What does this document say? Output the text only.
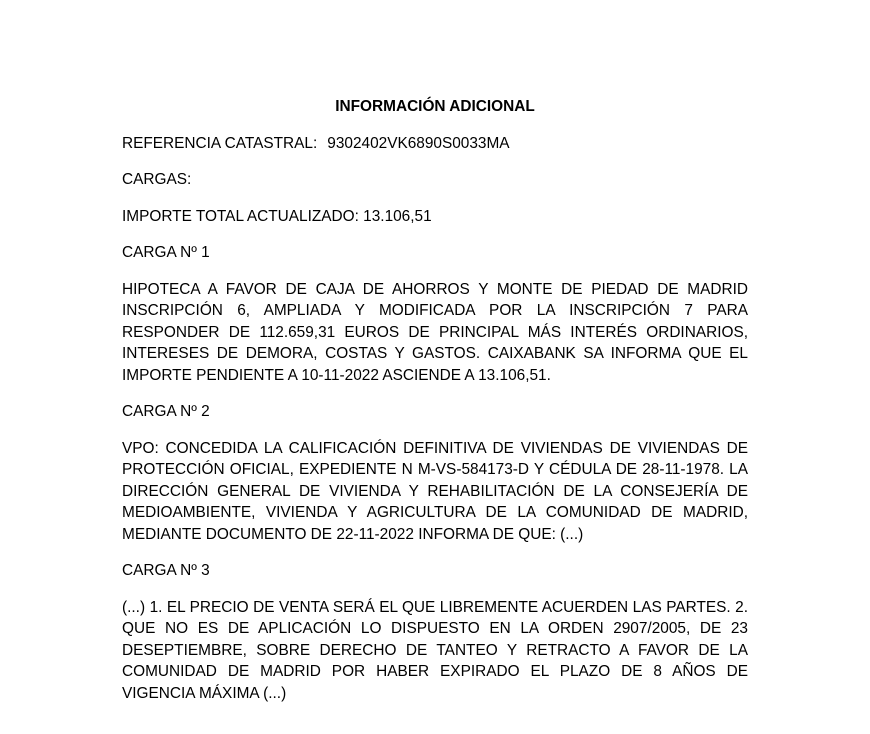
INFORMACIÓN ADICIONAL
REFERENCIA CATASTRAL: 9302402VK6890S0033MA
CARGAS:
IMPORTE TOTAL ACTUALIZADO: 13.106,51
CARGA Nº 1
HIPOTECA A FAVOR DE CAJA DE AHORROS Y MONTE DE PIEDAD DE MADRID INSCRIPCIÓN 6, AMPLIADA Y MODIFICADA POR LA INSCRIPCIÓN 7 PARA RESPONDER DE 112.659,31 EUROS DE PRINCIPAL MÁS INTERÉS ORDINARIOS, INTERESES DE DEMORA, COSTAS Y GASTOS. CAIXABANK SA INFORMA QUE EL IMPORTE PENDIENTE A 10-11-2022 ASCIENDE A 13.106,51.
CARGA Nº 2
VPO: CONCEDIDA LA CALIFICACIÓN DEFINITIVA DE VIVIENDAS DE VIVIENDAS DE PROTECCIÓN OFICIAL, EXPEDIENTE N M-VS-584173-D Y CÉDULA DE 28-11-1978. LA DIRECCIÓN GENERAL DE VIVIENDA Y REHABILITACIÓN DE LA CONSEJERÍA DE MEDIOAMBIENTE, VIVIENDA Y AGRICULTURA DE LA COMUNIDAD DE MADRID, MEDIANTE DOCUMENTO DE 22-11-2022 INFORMA DE QUE: (...)
CARGA Nº 3
(...) 1. EL PRECIO DE VENTA SERÁ EL QUE LIBREMENTE ACUERDEN LAS PARTES. 2. QUE NO ES DE APLICACIÓN LO DISPUESTO EN LA ORDEN 2907/2005, DE 23 DESEPTIEMBRE, SOBRE DERECHO DE TANTEO Y RETRACTO A FAVOR DE LA COMUNIDAD DE MADRID POR HABER EXPIRADO EL PLAZO DE 8 AÑOS DE VIGENCIA MÁXIMA (...)
